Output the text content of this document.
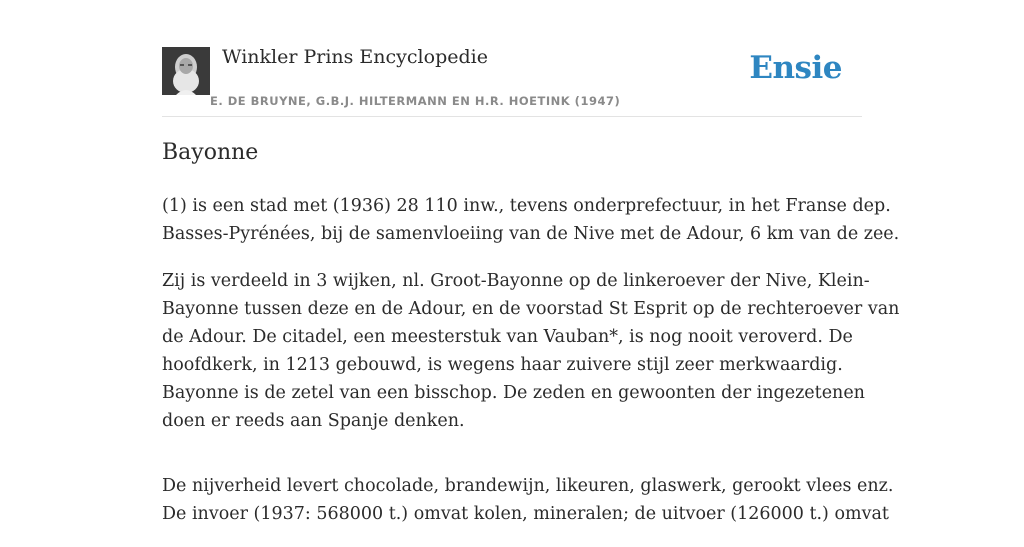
Winkler Prins Encyclopedie
E. DE BRUYNE, G.B.J. HILTERMANN EN H.R. HOETINK (1947)
Ensie
Bayonne

(1) is een stad met (1936) 28 110 inw., tevens onderprefectuur, in het Franse dep.
Basses-Pyrénées, bij de samenvloeiing van de Nive met de Adour, 6 km van de zee.

Zij is verdeeld in 3 wijken, nl. Groot-Bayonne op de linkeroever der Nive, Klein-
Bayonne tussen deze en de Adour, en de voorstad St Esprit op de rechteroever van
de Adour. De citadel, een meesterstuk van Vauban*, is nog nooit veroverd. De
hoofdkerk, in 1213 gebouwd, is wegens haar zuivere stijl zeer merkwaardig.
Bayonne is de zetel van een bisschop. De zeden en gewoonten der ingezetenen
doen er reeds aan Spanje denken.

De nijverheid levert chocolade, brandewijn, likeuren, glaswerk, gerookt vlees enz.
De invoer (1937: 568000 t.) omvat kolen, mineralen; de uitvoer (126000 t.) omvat
